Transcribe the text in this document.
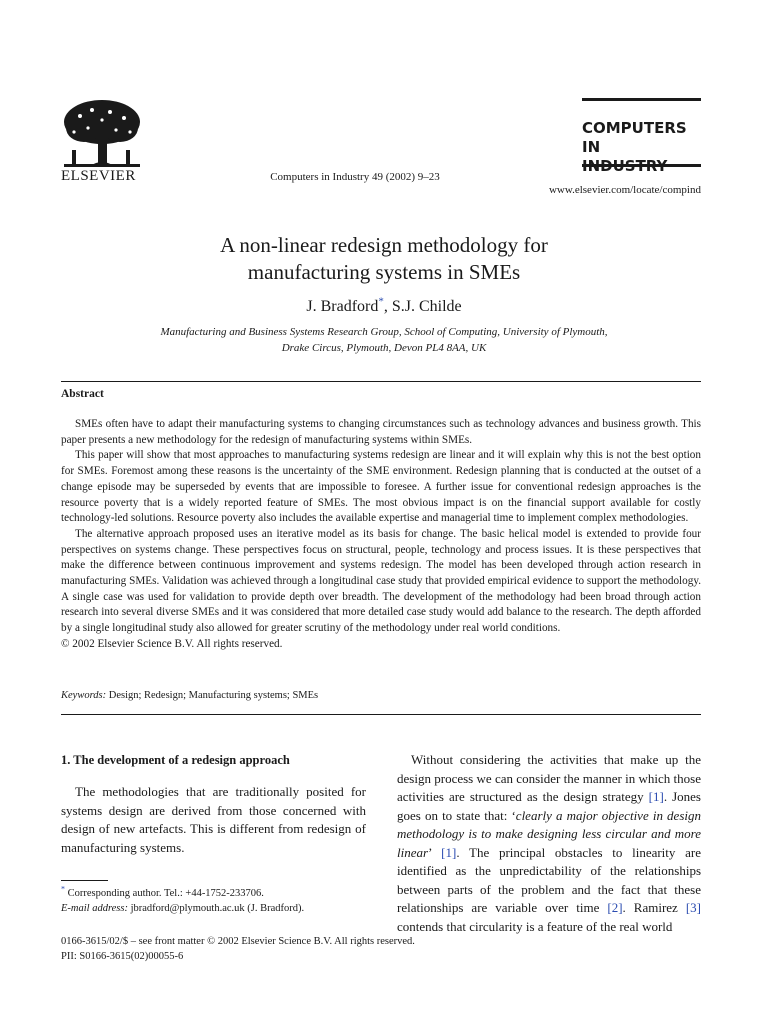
ELSEVIER	Computers in Industry 49 (2002) 9–23
COMPUTERS IN
www.elsevier.com/locate/compind
A non-linear redesign methodology for
manufacturing systems in SMEs
J. Bradford*, S.J. Childe
Manufacturing and Business Systems Research Group, School of Computing, University of Plymouth,
Drake Circus, Plymouth, Devon PL4 8AA, UK
Abstract

SMEs often have to adapt their manufacturing systems to changing circumstances such as technology advances and business growth. This paper presents a new methodology for the redesign of manufacturing systems within SMEs.

This paper will show that most approaches to manufacturing systems redesign are linear and it will explain why this is not the best option for SMEs. Foremost among these reasons is the uncertainty of the SME environment. Redesign planning that is conducted at the outset of a change episode may be superseded by events that are impossible to foresee. A further issue for conventional redesign approaches is the resource poverty that is a widely reported feature of SMEs. The most obvious impact is on the financial support available for costly technology-led solutions. Resource poverty also includes the available expertise and managerial time to implement complex methodologies.

The alternative approach proposed uses an iterative model as its basis for change. The basic helical model is extended to provide four perspectives on systems change. These perspectives focus on structural, people, technology and process issues. It is these perspectives that make the difference between continuous improvement and systems redesign. The model has been developed through action research in manufacturing SMEs. Validation was achieved through a longitudinal case study that provided empirical evidence to support the methodology. A single case was used for validation to provide depth over breadth. The development of the methodology had been broad through action research into several diverse SMEs and it was considered that more detailed case study would add balance to the research. The depth afforded by a single longitudinal study also allowed for greater scrutiny of the methodology under real world conditions.

© 2002 Elsevier Science B.V. All rights reserved.

Keywords: Design; Redesign; Manufacturing systems; SMEs
1. The development of a redesign approach
The methodologies that are traditionally posited for systems design are derived from those concerned with design of new artefacts. This is different from redesign of manufacturing systems.
Without considering the activities that make up the design process we can consider the manner in which those activities are structured as the design strategy [1]. Jones goes on to state that: ‘clearly a major objective in design methodology is to make designing less circular and more linear’ [1]. The principal obstacles to linearity are identified as the unpredictability of the relationships between parts of the problem and the fact that these relationships are variable over time [2]. Ramirez [3] contends that circularity is a feature of the real world
* Corresponding author. Tel.: +44-1752-233706.
E-mail address: jbradford@plymouth.ac.uk (J. Bradford).
0166-3615/02/$ – see front matter © 2002 Elsevier Science B.V. All rights reserved.
PII: S0166-3615(02)00055-6
